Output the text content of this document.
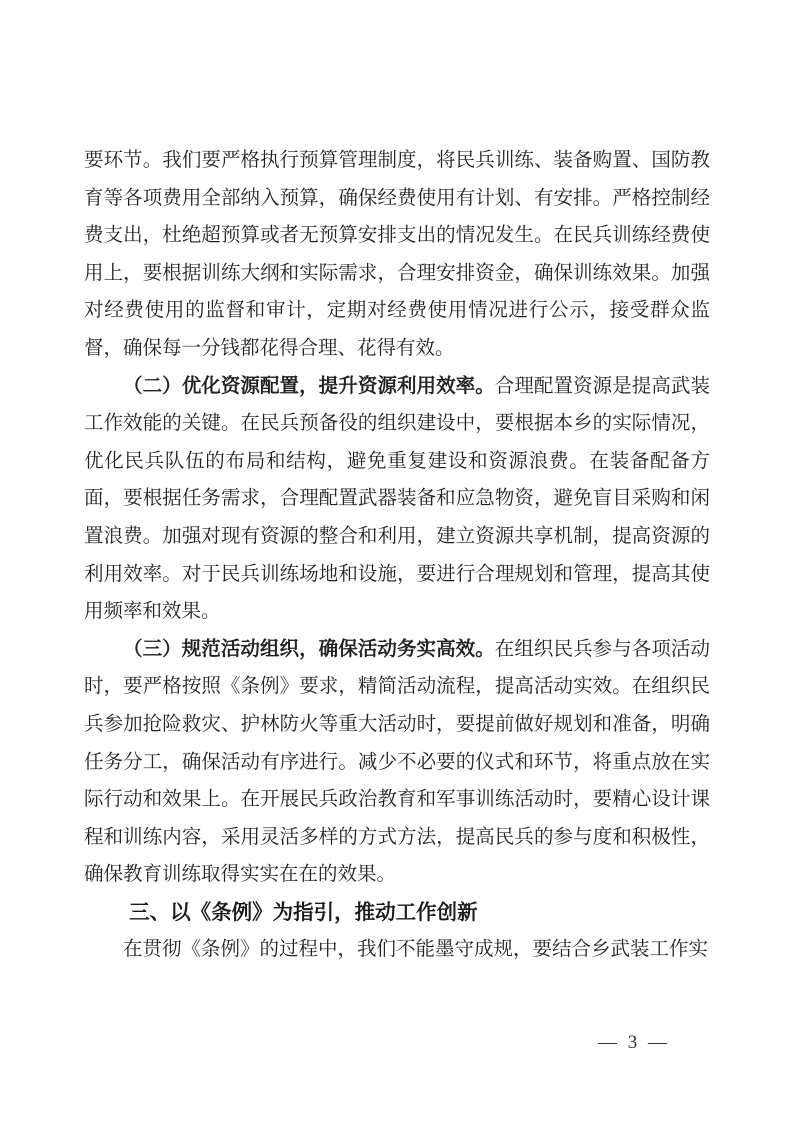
要环节。我们要严格执行预算管理制度，将民兵训练、装备购置、国防教育等各项费用全部纳入预算，确保经费使用有计划、有安排。严格控制经费支出，杜绝超预算或者无预算安排支出的情况发生。在民兵训练经费使用上，要根据训练大纲和实际需求，合理安排资金，确保训练效果。加强对经费使用的监督和审计，定期对经费使用情况进行公示，接受群众监督，确保每一分钱都花得合理、花得有效。

（二）优化资源配置，提升资源利用效率。合理配置资源是提高武装工作效能的关键。在民兵预备役的组织建设中，要根据本乡的实际情况，优化民兵队伍的布局和结构，避免重复建设和资源浪费。在装备配备方面，要根据任务需求，合理配置武器装备和应急物资，避免盲目采购和闲置浪费。加强对现有资源的整合和利用，建立资源共享机制，提高资源的利用效率。对于民兵训练场地和设施，要进行合理规划和管理，提高其使用频率和效果。

（三）规范活动组织，确保活动务实高效。在组织民兵参与各项活动时，要严格按照《条例》要求，精简活动流程，提高活动实效。在组织民兵参加抢险救灾、护林防火等重大活动时，要提前做好规划和准备，明确任务分工，确保活动有序进行。减少不必要的仪式和环节，将重点放在实际行动和效果上。在开展民兵政治教育和军事训练活动时，要精心设计课程和训练内容，采用灵活多样的方式方法，提高民兵的参与度和积极性，确保教育训练取得实实在在的效果。

三、以《条例》为指引，推动工作创新

在贯彻《条例》的过程中，我们不能墨守成规，要结合乡武装工作实

— 3 —
